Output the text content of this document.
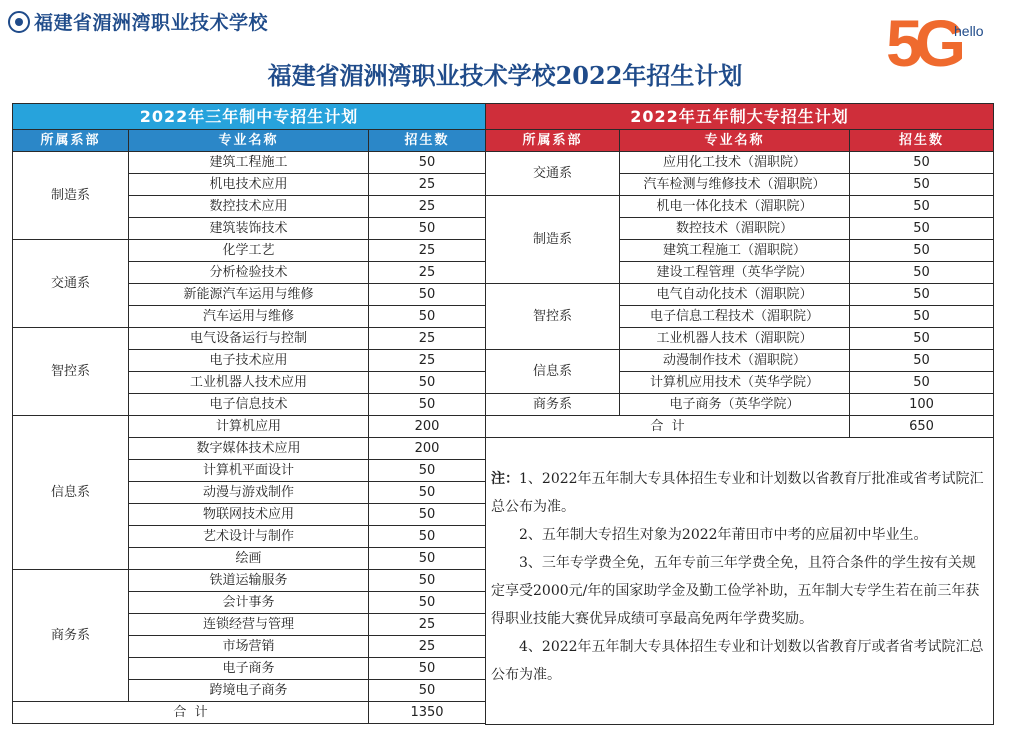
福建省湄洲湾职业技术学校	5G
hello
福建省湄洲湾职业技术学校2022年招生计划
2022年三年制中专招生计划		
所属系部	专业名称	招生数
制造系	建筑工程施工	50
	机电技术应用	25
	数控技术应用	25
	建筑装饰技术	50
交通系	化学工艺	25
	分析检验技术	25
	新能源汽车运用与维修	50
	汽车运用与维修	50
智控系	电气设备运行与控制	25
	电子技术应用	25
	工业机器人技术应用	50
	电子信息技术	50
信息系	计算机应用	200
	数字媒体技术应用	200
	计算机平面设计	50
	动漫与游戏制作	50
	物联网技术应用	50
	艺术设计与制作	50
	绘画	50
商务系	铁道运输服务	50
	会计事务	50
	连锁经营与管理	25
	市场营销	25
	电子商务	50
	跨境电子商务	50
合  计		1350
2022年五年制大专招生计划		
所属系部	专业名称	招生数
交通系	应用化工技术（湄职院）	50
	汽车检测与维修技术（湄职院）	50
制造系	机电一体化技术（湄职院）	50
	数控技术（湄职院）	50
	建筑工程施工（湄职院）	50
	建设工程管理（英华学院）	50
智控系	电气自动化技术（湄职院）	50
	电子信息工程技术（湄职院）	50
	工业机器人技术（湄职院）	50
信息系	动漫制作技术（湄职院）	50
	计算机应用技术（英华学院）	50
商务系	电子商务（英华学院）	100
合  计		650

注：1、2022年五年制大专具体招生专业和计划数以省教育厅批准或省考试院汇总公布为准。

2、五年制大专招生对象为2022年莆田市中考的应届初中毕业生。

3、三年专学费全免，五年专前三年学费全免，且符合条件的学生按有关规定享受2000元/年的国家助学金及勤工俭学补助，五年制大专学生若在前三年获得职业技能大赛优异成绩可享最高免两年学费奖励。

4、2022年五年制大专具体招生专业和计划数以省教育厅或者省考试院汇总公布为准。		
